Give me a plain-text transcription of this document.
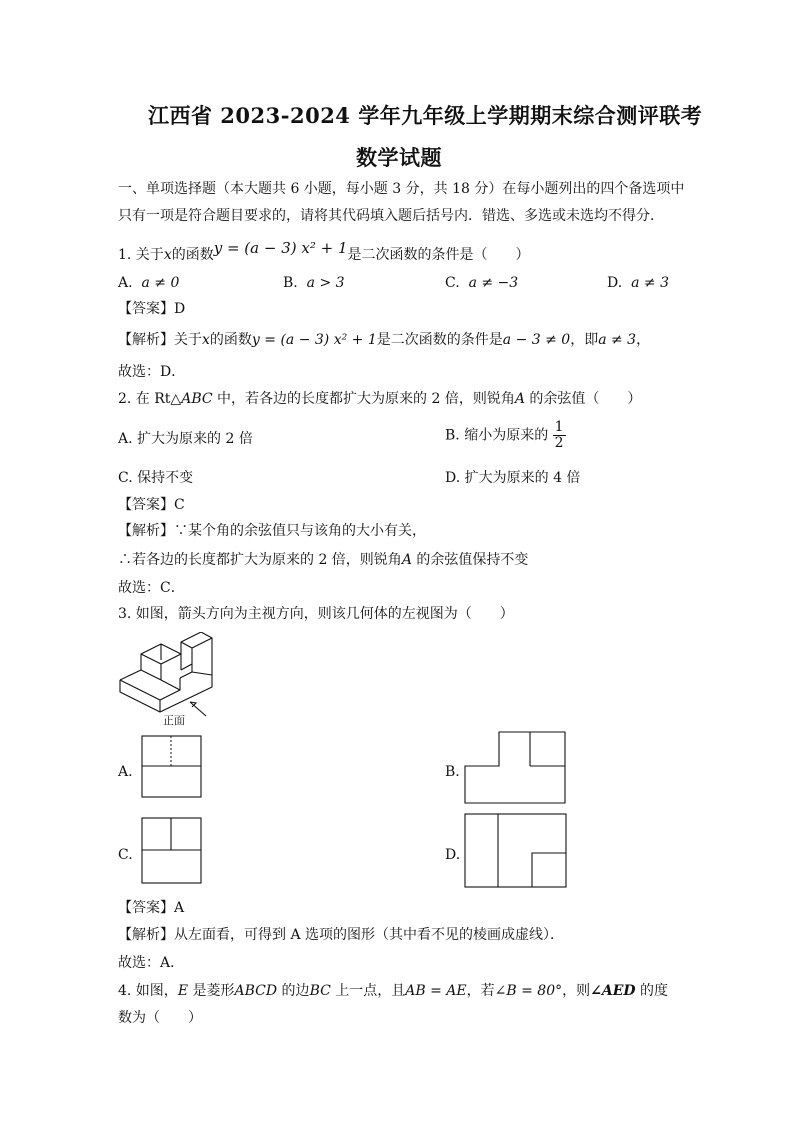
江西省 2023-2024 学年九年级上学期期末综合测评联考
数学试题
一、单项选择题（本大题共 6 小题，每小题 3 分，共 18 分）在每小题列出的四个备选项中
只有一项是符合题目要求的，请将其代码填入题后括号内．错选、多选或未选均不得分．
1. 关于x的函数y = (a − 3) x² + 1是二次函数的条件是（　　）
A. a ≠ 0	B. a > 3	C. a ≠ −3	D. a ≠ 3
【答案】D
【解析】关于x的函数y = (a − 3) x² + 1是二次函数的条件是a − 3 ≠ 0，即a ≠ 3，
故选：D．
2. 在 Rt△ABC 中，若各边的长度都扩大为原来的 2 倍，则锐角A 的余弦值（　　）
A. 扩大为原来的 2 倍	B. 缩小为原来的 $\frac{1}{2}$
C. 保持不变	D. 扩大为原来的 4 倍
【答案】C
【解析】∵某个角的余弦值只与该角的大小有关，
∴若各边的长度都扩大为原来的 2 倍，则锐角A 的余弦值保持不变
故选：C．
3. 如图，箭头方向为主视方向，则该几何体的左视图为（　　）
正面
A.	B.
C.	D.
【答案】A
【解析】从左面看，可得到 A 选项的图形（其中看不见的棱画成虚线）．
故选：A．
4. 如图，E 是菱形ABCD 的边BC 上一点，且AB = AE，若∠B = 80°，则∠AED 的度
数为（　　）
